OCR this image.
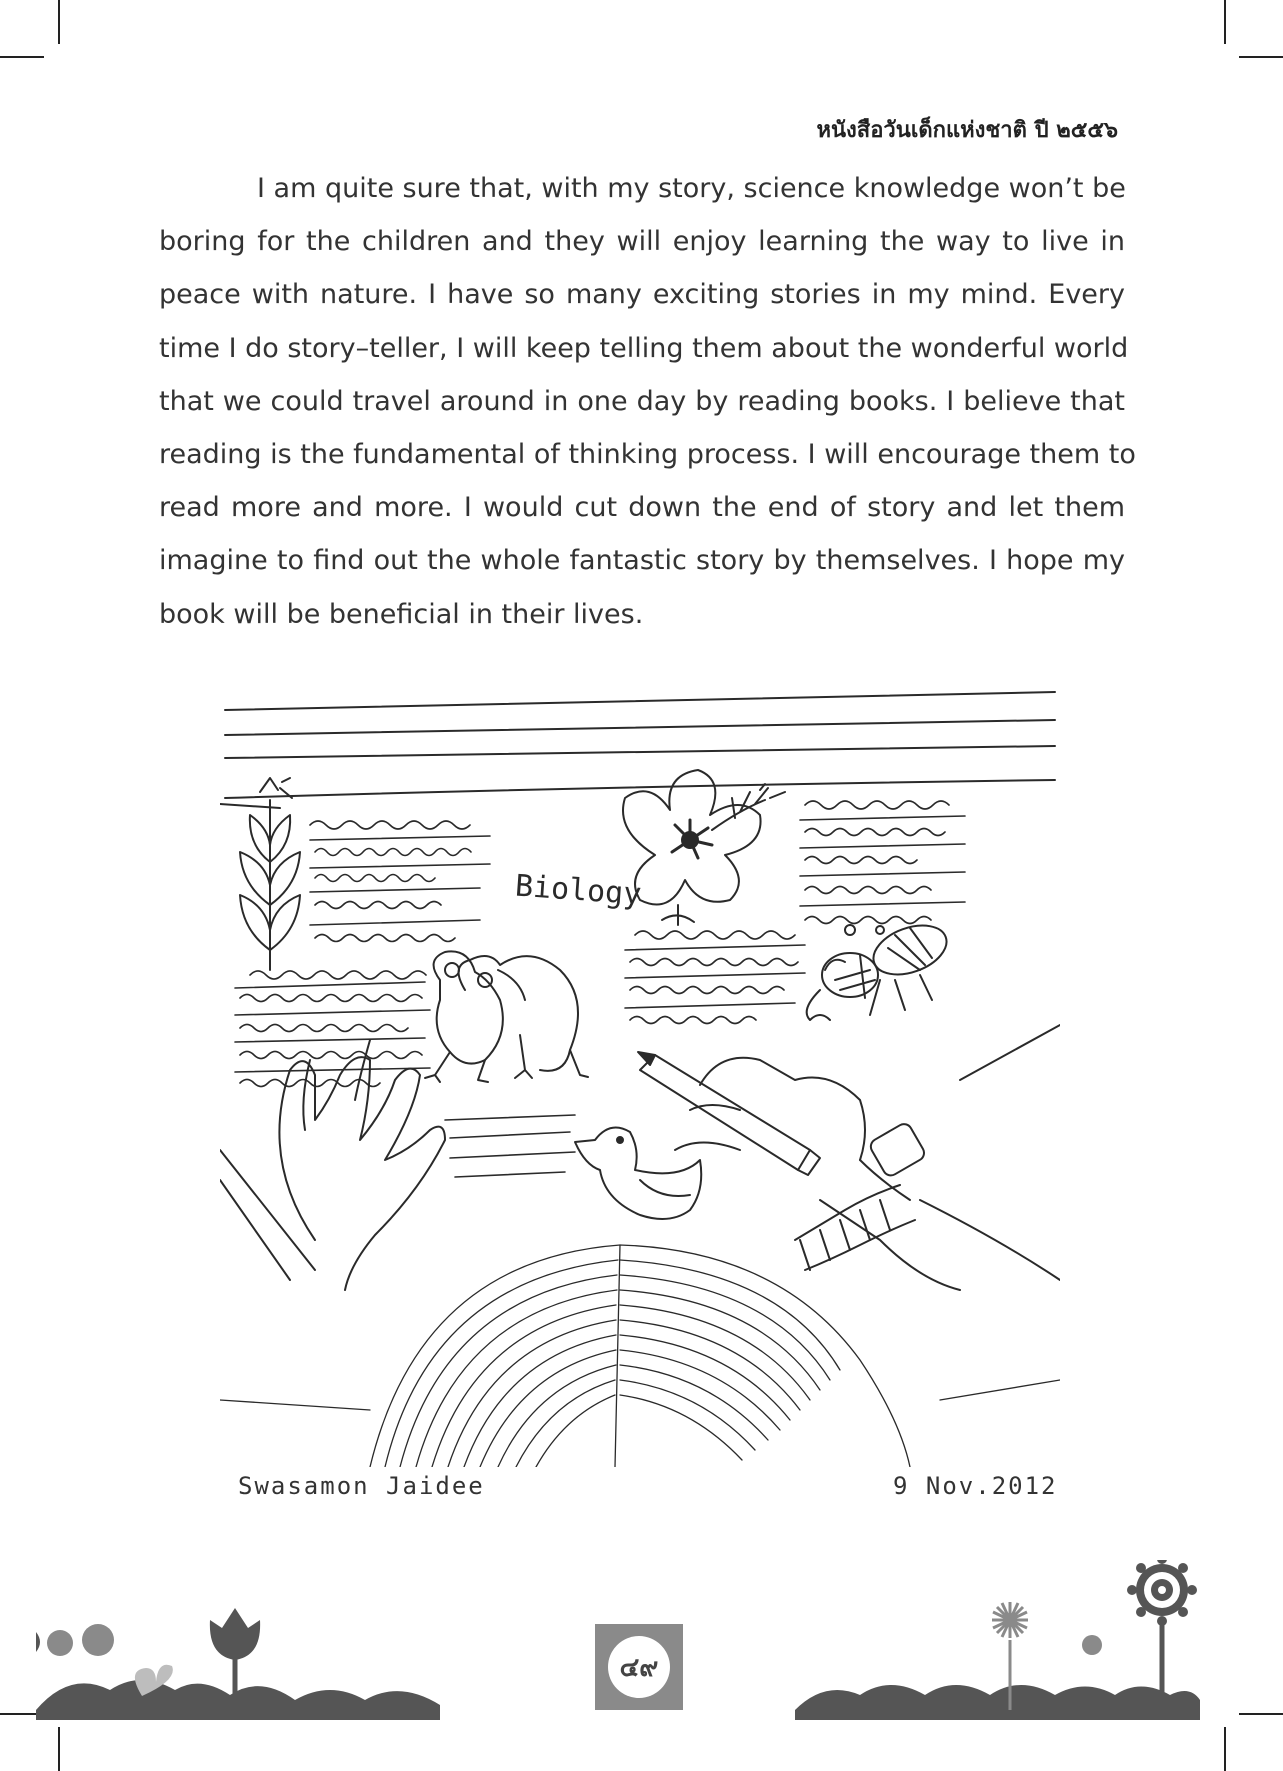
หนังสือวันเด็กแห่งชาติ ปี ๒๕๕๖
I am quite sure that, with my story, science knowledge won’t be
boring for the children and they will enjoy learning the way to live in
peace with nature. I have so many exciting stories in my mind. Every
time I do story–teller, I will keep telling them about the wonderful world
that we could travel around in one day by reading books. I believe that
reading is the fundamental of thinking process. I will encourage them to
read more and more. I would cut down the end of story and let them
imagine to find out the whole fantastic story by themselves. I hope my
book will be beneficial in their lives.
Biology
Swasamon Jaidee	9 Nov.2012
๔๙
